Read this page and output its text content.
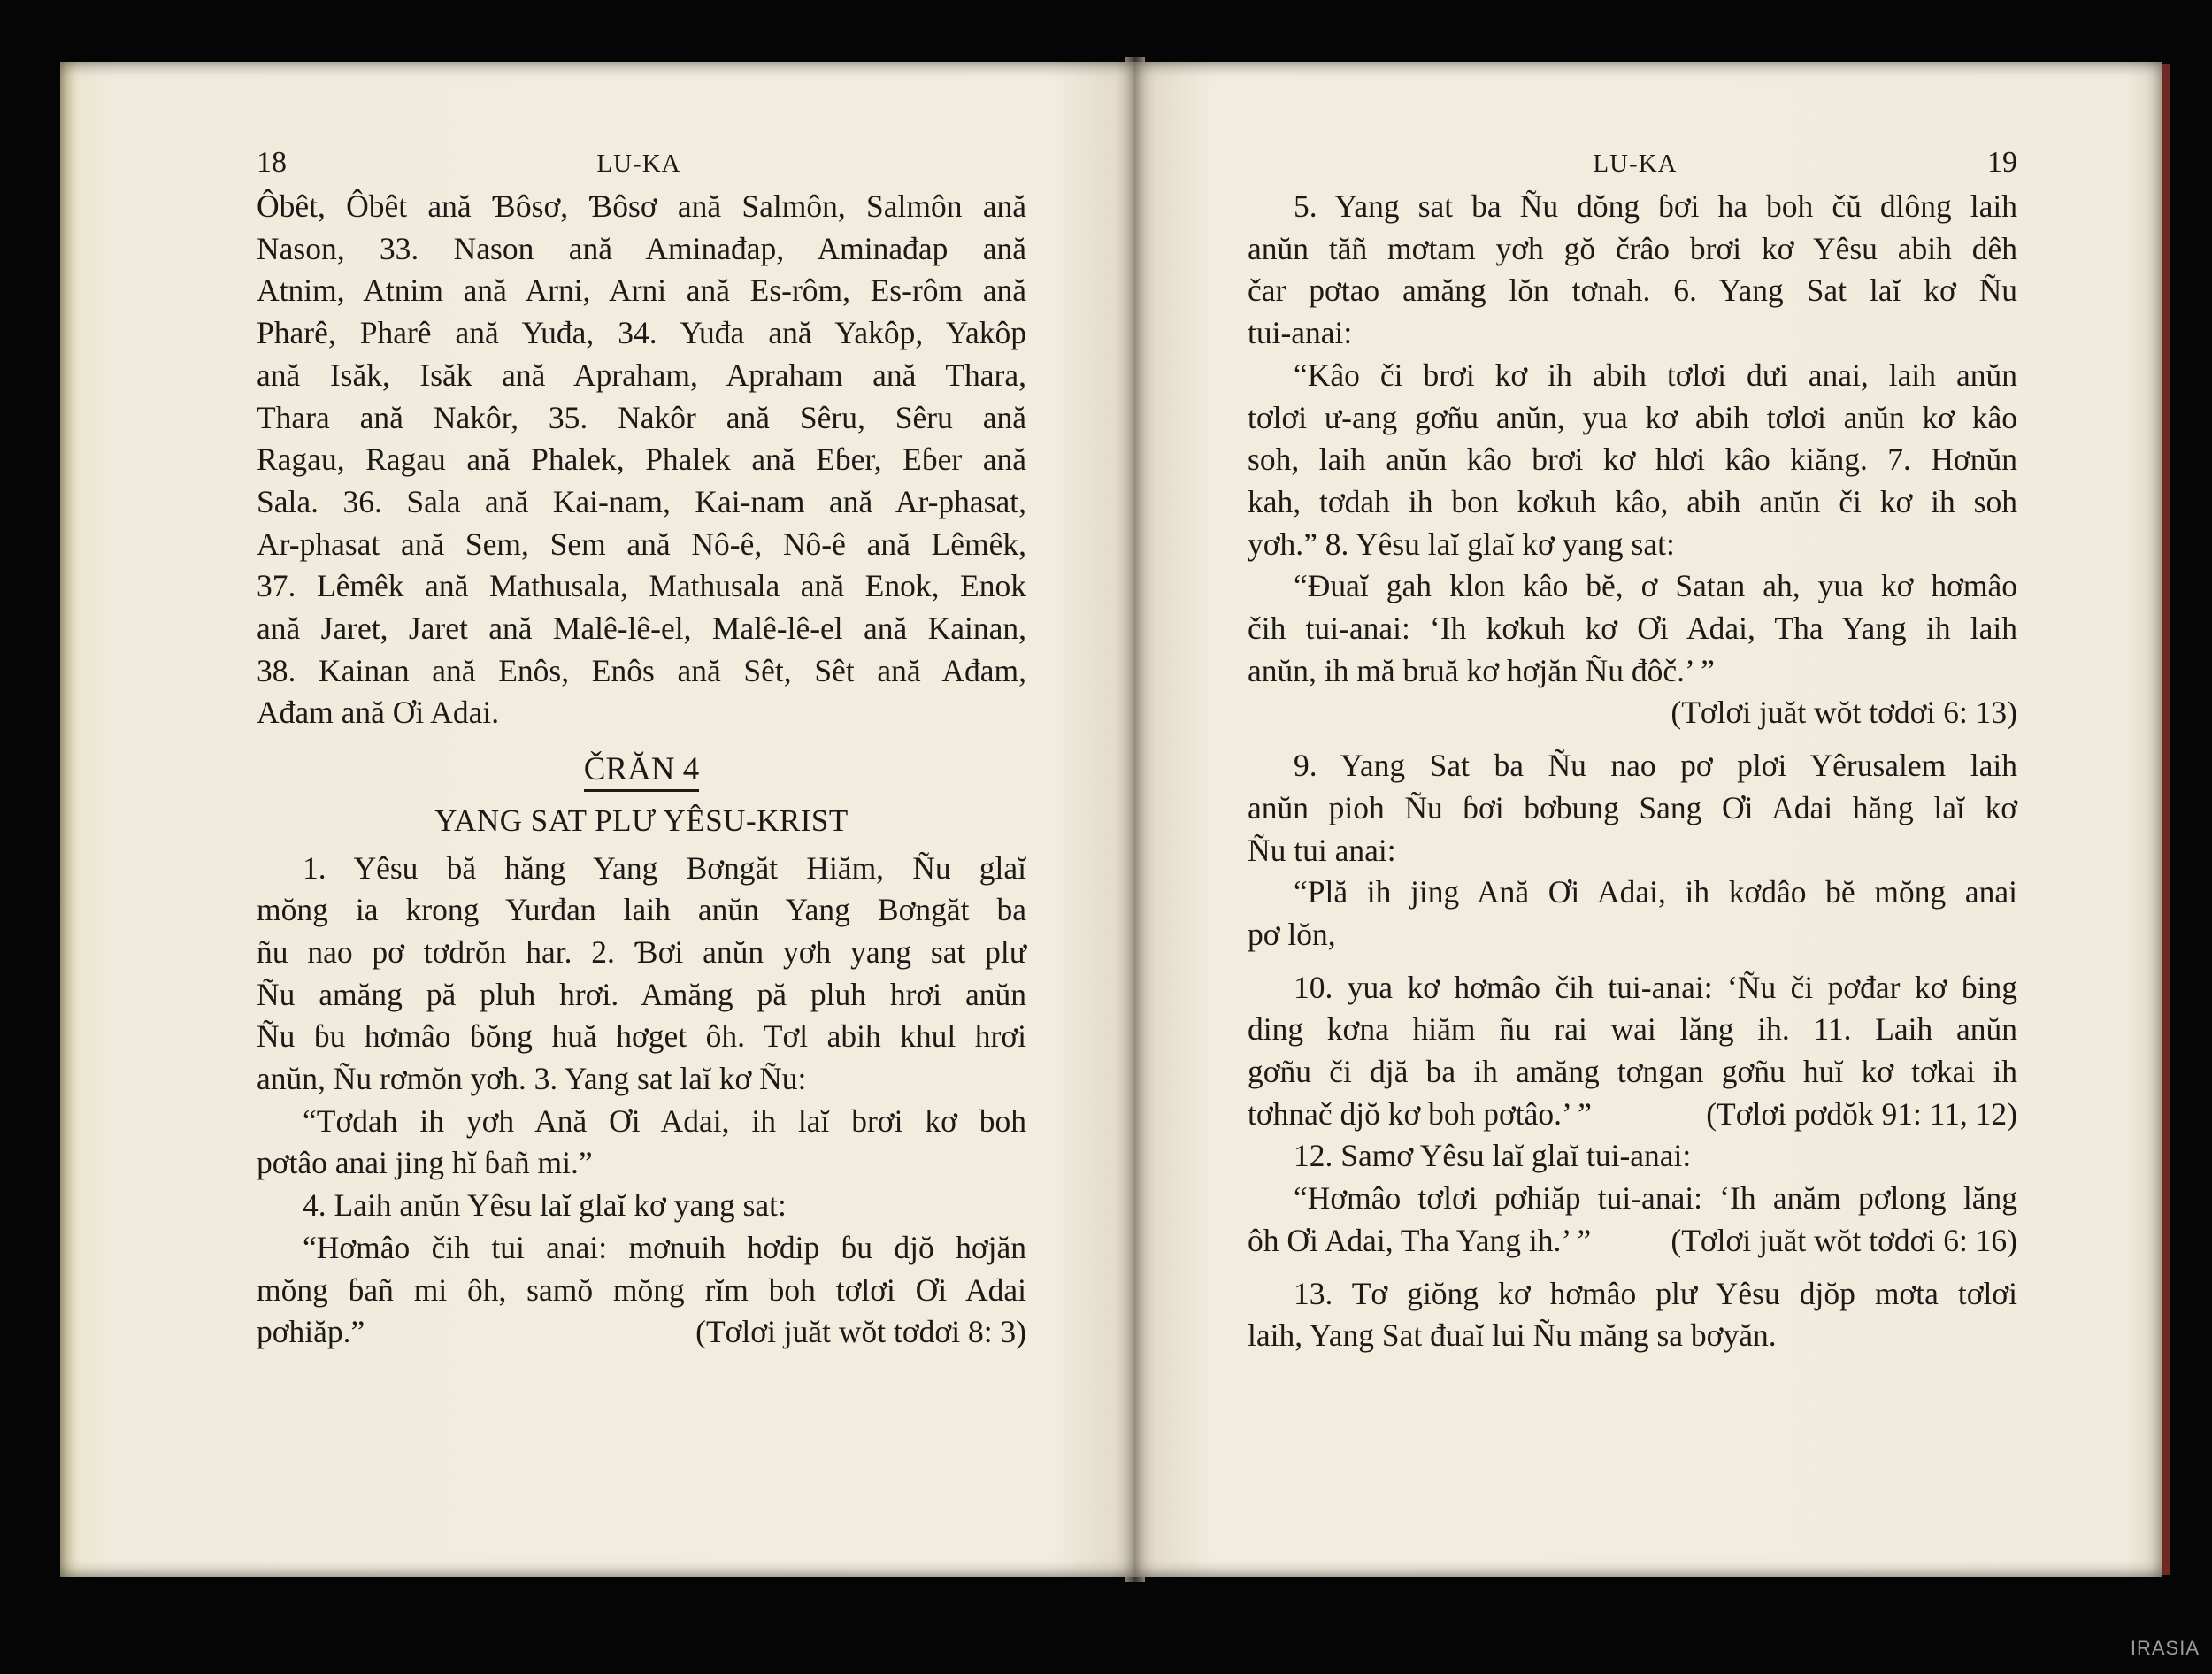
18	LU-KA

Ôbêt, Ôbêt ană Ɓôsơ, Ɓôsơ ană Salmôn, Salmôn ană

Nason, 33. Nason ană Aminađap, Aminađap ană

Atnim, Atnim ană Arni, Arni ană Es-rôm, Es-rôm ană

Pharê, Pharê ană Yuđa, 34. Yuđa ană Yakôp, Yakôp

ană Isăk, Isăk ană Apraham, Apraham ană Thara,

Thara ană Nakôr, 35. Nakôr ană Sêru, Sêru ană

Ragau, Ragau ană Phalek, Phalek ană Eɓer, Eɓer ană

Sala. 36. Sala ană Kai-nam, Kai-nam ană Ar-phasat,

Ar-phasat ană Sem, Sem ană Nô-ê, Nô-ê ană Lêmêk,

37. Lêmêk ană Mathusala, Mathusala ană Enok, Enok

ană Jaret, Jaret ană Malê-lê-el, Malê-lê-el ană Kainan,

38. Kainan ană Enôs, Enôs ană Sêt, Sêt ană Ađam,

Ađam ană Ơi Adai.

ČRĂN 4
YANG SAT PLƯ YÊSU-KRIST

1. Yêsu bă hăng Yang Bơngăt Hiăm, Ñu glaĭ

mŏng ia krong Yurđan laih anŭn Yang Bơngăt ba

ñu nao pơ tơdrŏn har. 2. Ɓơi anŭn yơh yang sat plư

Ñu amăng pă pluh hrơi. Amăng pă pluh hrơi anŭn

Ñu ɓu hơmâo ɓŏng huă hơget ôh. Tơl abih khul hrơi

anŭn, Ñu rơmŏn yơh. 3. Yang sat laĭ kơ Ñu:

“Tơdah ih yơh Ană Ơi Adai, ih laĭ brơi kơ boh

pơtâo anai jing hĭ ɓañ mi.”

4. Laih anŭn Yêsu laĭ glaĭ kơ yang sat:

“Hơmâo čih tui anai: mơnuih hơdip ɓu djŏ hơjăn

mŏng ɓañ mi ôh, samŏ mŏng rĭm boh tơlơi Ơi Adai

pơhiăp.”	(Tơlơi juăt wŏt tơdơi 8: 3)
LU-KA	19

5. Yang sat ba Ñu dŏng ɓơi ha boh čŭ dlông laih

anŭn tăñ mơtam yơh gŏ črâo brơi kơ Yêsu abih dêh

čar pơtao amăng lŏn tơnah. 6. Yang Sat laĭ kơ Ñu

tui-anai:

“Kâo či brơi kơ ih abih tơlơi dưi anai, laih anŭn

tơlơi ư-ang gơñu anŭn, yua kơ abih tơlơi anŭn kơ kâo

soh, laih anŭn kâo brơi kơ hlơi kâo kiăng. 7. Hơnŭn

kah, tơdah ih bon kơkuh kâo, abih anŭn či kơ ih soh

yơh.” 8. Yêsu laĭ glaĭ kơ yang sat:

“Đuaĭ gah klon kâo bĕ, ơ Satan ah, yua kơ hơmâo

čih tui-anai: ‘Ih kơkuh kơ Ơi Adai, Tha Yang ih laih

anŭn, ih mă bruă kơ hơjăn Ñu đôč.’ ”

(Tơlơi juăt wŏt tơdơi 6: 13)

9. Yang Sat ba Ñu nao pơ plơi Yêrusalem laih

anŭn pioh Ñu ɓơi bơbung Sang Ơi Adai hăng laĭ kơ

Ñu tui anai:

“Plă ih jing Ană Ơi Adai, ih kơdâo bĕ mŏng anai

pơ lŏn,

10. yua kơ hơmâo čih tui-anai: ‘Ñu či pơđar kơ ɓing

ding kơna hiăm ñu rai wai lăng ih. 11. Laih anŭn

gơñu či djă ba ih amăng tơngan gơñu huĭ kơ tơkai ih

tơhnač djŏ kơ boh pơtâo.’ ”	(Tơlơi pơdŏk 91: 11, 12)

12. Samơ Yêsu laĭ glaĭ tui-anai:

“Hơmâo tơlơi pơhiăp tui-anai: ‘Ih anăm pơlong lăng

ôh Ơi Adai, Tha Yang ih.’ ”	(Tơlơi juăt wŏt tơdơi 6: 16)

13. Tơ giŏng kơ hơmâo plư Yêsu djŏp mơta tơlơi

laih, Yang Sat đuaĭ lui Ñu măng sa bơyăn.

IRASIA
